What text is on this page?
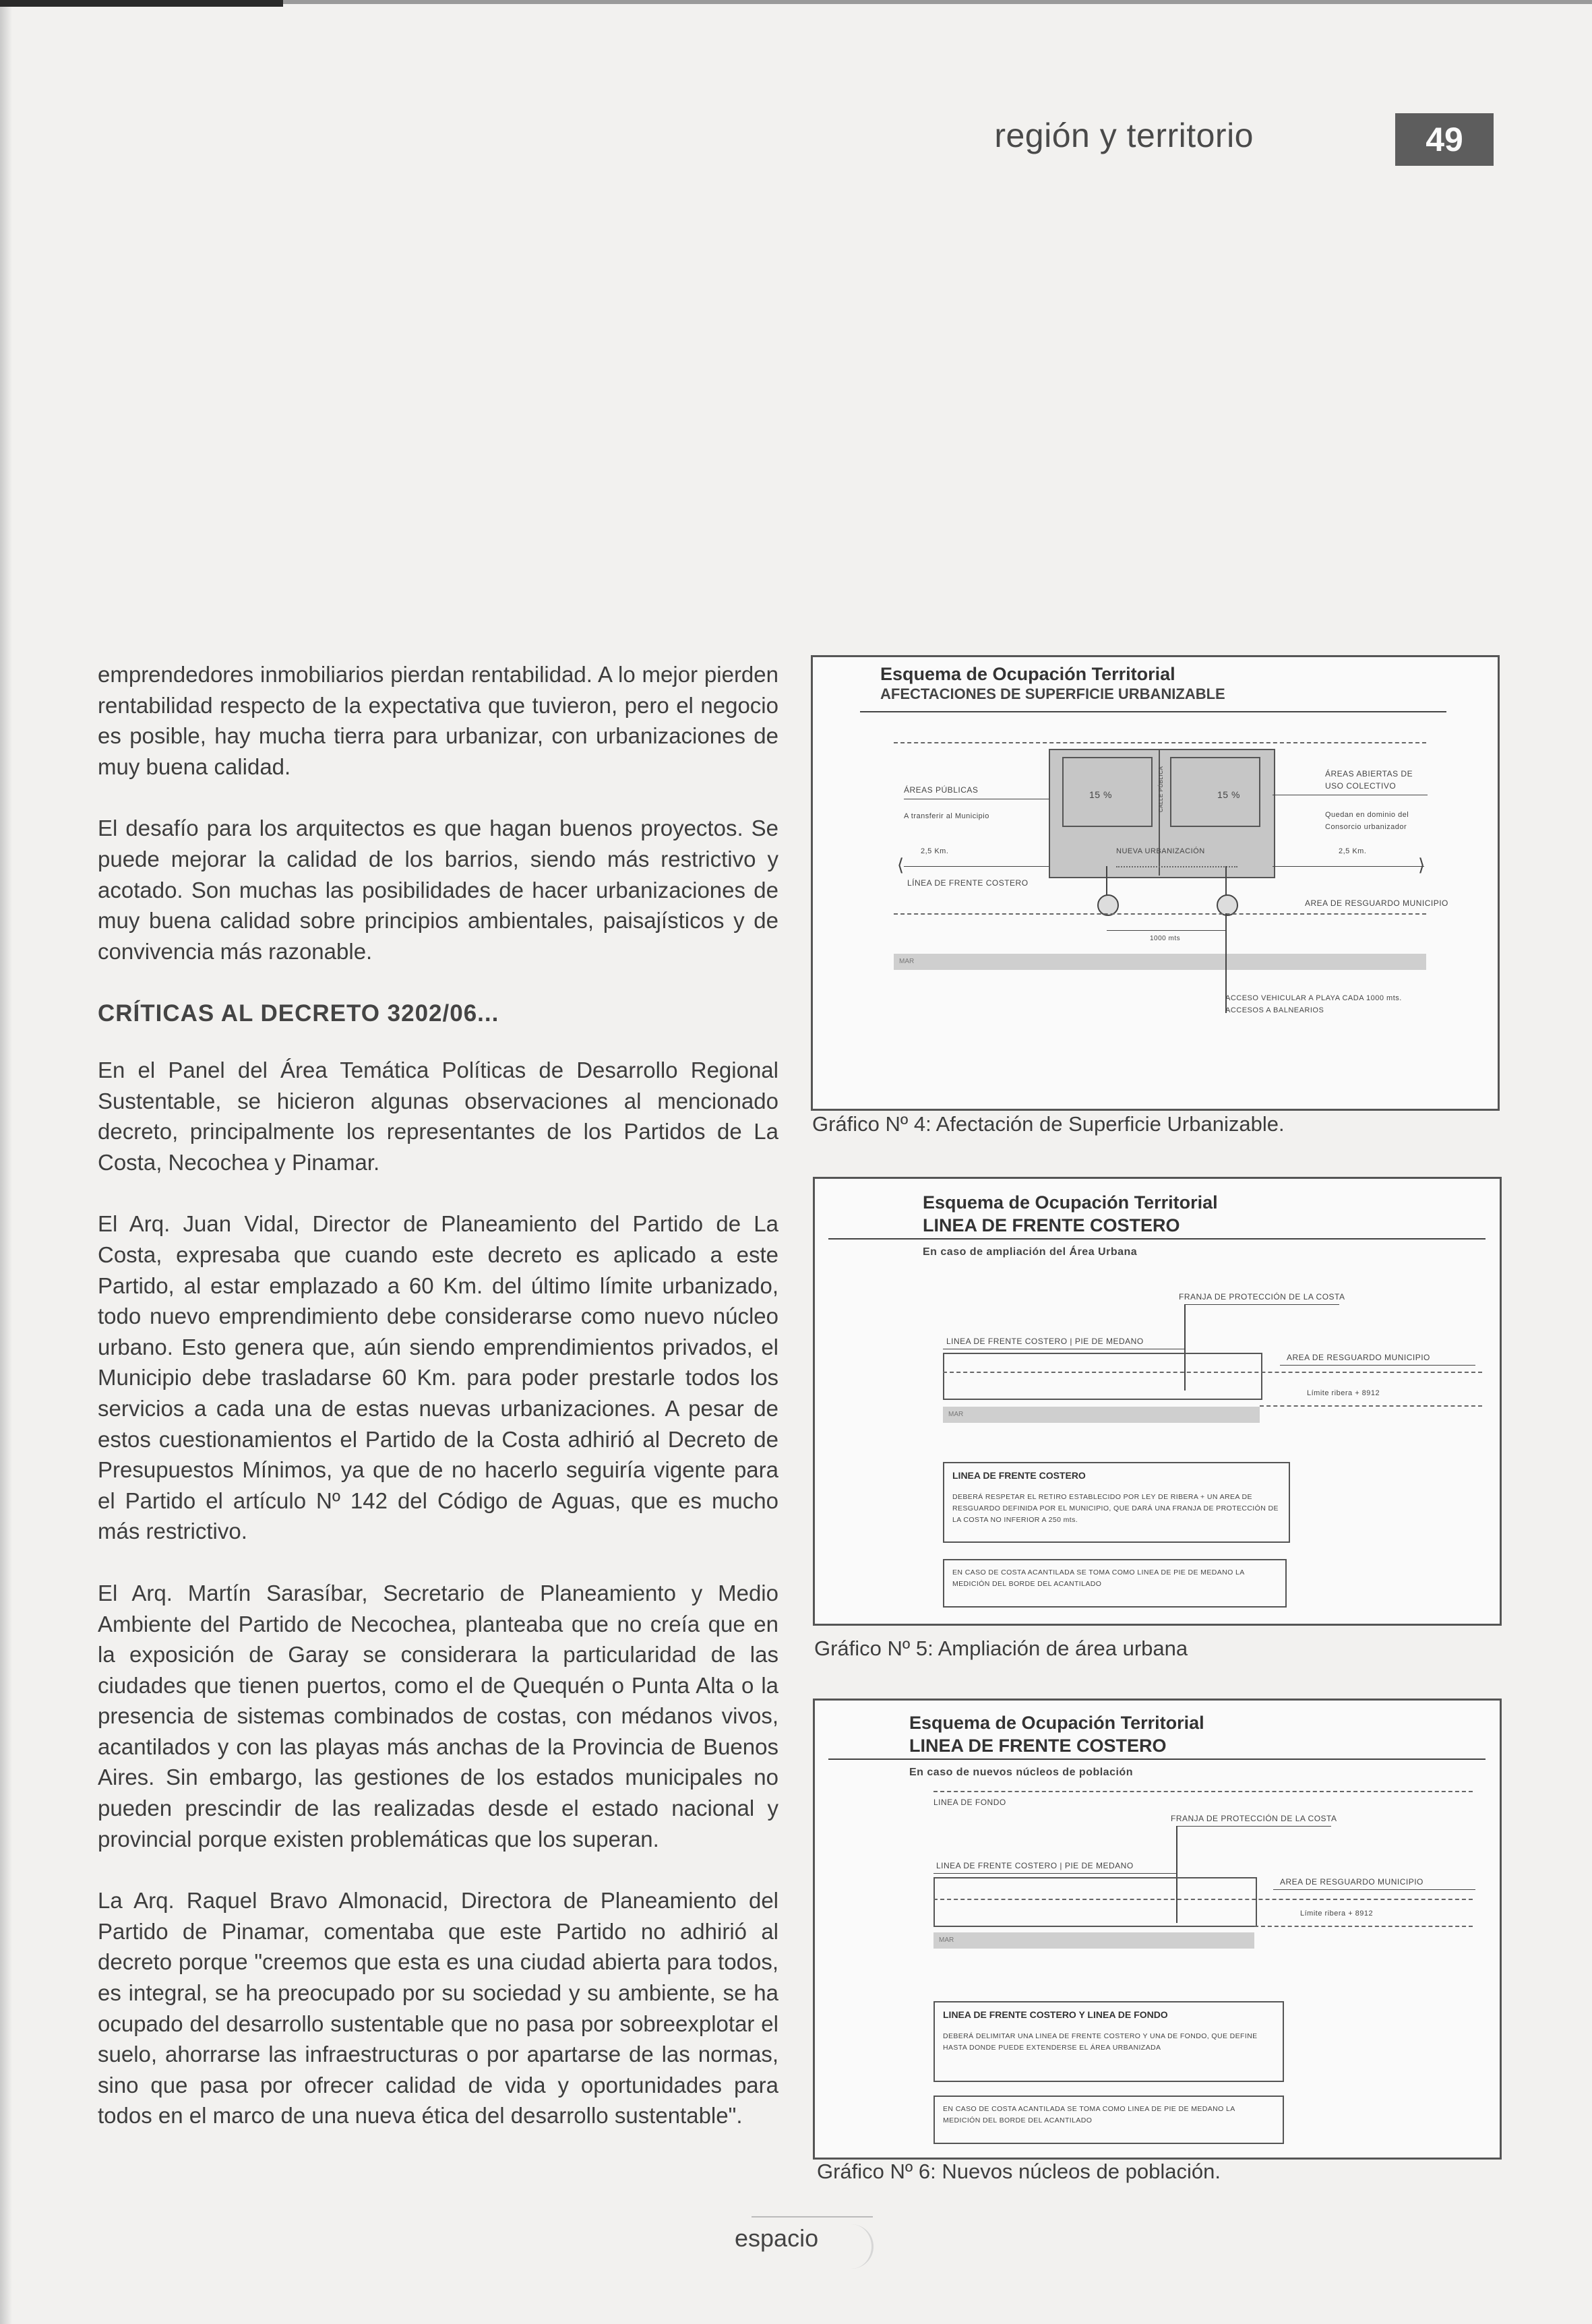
región y territorio	49

emprendedores inmobiliarios pierdan rentabilidad. A lo mejor pierden rentabilidad respecto de la expectativa que tuvieron, pero el negocio es posible, hay mucha tierra para urbanizar, con urbanizaciones de muy buena calidad.

El desafío para los arquitectos es que hagan buenos proyectos. Se puede mejorar la calidad de los barrios, siendo más restrictivo y acotado. Son muchas las posibilidades de hacer urbanizaciones de muy buena calidad sobre principios ambientales, paisajísticos y de convivencia más razonable.

CRÍTICAS AL DECRETO 3202/06...

En el Panel del Área Temática Políticas de Desarrollo Regional Sustentable, se hicieron algunas observaciones al mencionado decreto, principalmente los representantes de los Partidos de La Costa, Necochea y Pinamar.

El Arq. Juan Vidal, Director de Planeamiento del Partido de La Costa, expresaba que cuando este decreto es aplicado a este Partido, al estar emplazado a 60 Km. del último límite urbanizado, todo nuevo emprendimiento debe considerarse como nuevo núcleo urbano. Esto genera que, aún siendo emprendimientos privados, el Municipio debe trasladarse 60 Km. para poder prestarle todos los servicios a cada una de estas nuevas urbanizaciones. A pesar de estos cuestionamientos el Partido de la Costa adhirió al Decreto de Presupuestos Mínimos, ya que de no hacerlo seguiría vigente para el Partido el artículo Nº 142 del Código de Aguas, que es mucho más restrictivo.

El Arq. Martín Sarasíbar, Secretario de Planeamiento y Medio Ambiente del Partido de Necochea, planteaba que no creía que en la exposición de Garay se considerara la particularidad de las ciudades que tienen puertos, como el de Quequén o Punta Alta o la presencia de sistemas combinados de costas, con médanos vivos, acantilados y con las playas más anchas de la Provincia de Buenos Aires. Sin embargo, las gestiones de los estados municipales no pueden prescindir de las realizadas desde el estado nacional y provincial porque existen problemáticas que los superan.

La Arq. Raquel Bravo Almonacid, Directora de Planeamiento del Partido de Pinamar, comentaba que este Partido no adhirió al decreto porque "creemos que esta es una ciudad abierta para todos, es integral, se ha preocupado por su sociedad y su ambiente, se ha ocupado del desarrollo sustentable que no pasa por sobreexplotar el suelo, ahorrarse las infraestructuras o por apartarse de las normas, sino que pasa por ofrecer calidad de vida y oportunidades para todos en el marco de una nueva ética del desarrollo sustentable".

Esquema de Ocupación Territorial
AFECTACIONES DE SUPERFICIE URBANIZABLE
15 %	15 %
CALLE PÚBLICA
NUEVA URBANIZACIÓN
ÁREAS PÚBLICAS
A transferir al Municipio
2,5 Km.
⟨
LÍNEA DE FRENTE COSTERO
ÁREAS ABIERTAS DE
USO COLECTIVO
Quedan en dominio del
Consorcio urbanizador
2,5 Km.
⟩
AREA DE RESGUARDO MUNICIPIO
1000 mts
MAR
ACCESO VEHICULAR A PLAYA CADA 1000 mts.
ACCESOS A BALNEARIOS
Gráfico Nº 4: Afectación de Superficie Urbanizable.
Esquema de Ocupación Territorial
LINEA DE FRENTE COSTERO
En caso de ampliación del Área Urbana
FRANJA DE PROTECCIÓN DE LA COSTA
LINEA DE FRENTE COSTERO | PIE DE MEDANO
AREA DE RESGUARDO MUNICIPIO
Límite ribera + 8912
MAR
LINEA DE FRENTE COSTERO
DEBERÁ RESPETAR EL RETIRO ESTABLECIDO POR LEY DE RIBERA + UN AREA DE RESGUARDO DEFINIDA POR EL MUNICIPIO, QUE DARÁ UNA FRANJA DE PROTECCIÓN DE LA COSTA NO INFERIOR A 250 mts.
EN CASO DE COSTA ACANTILADA SE TOMA COMO LINEA DE PIE DE MEDANO LA MEDICIÓN DEL BORDE DEL ACANTILADO
Gráfico Nº 5: Ampliación de área urbana
Esquema de Ocupación Territorial
LINEA DE FRENTE COSTERO
En caso de nuevos núcleos de población
LINEA DE FONDO
FRANJA DE PROTECCIÓN DE LA COSTA
LINEA DE FRENTE COSTERO | PIE DE MEDANO
AREA DE RESGUARDO MUNICIPIO
Límite ribera + 8912
MAR
LINEA DE FRENTE COSTERO Y LINEA DE FONDO
DEBERÁ DELIMITAR UNA LINEA DE FRENTE COSTERO Y UNA DE FONDO, QUE DEFINE HASTA DONDE PUEDE EXTENDERSE EL ÁREA URBANIZADA
EN CASO DE COSTA ACANTILADA SE TOMA COMO LINEA DE PIE DE MEDANO LA MEDICIÓN DEL BORDE DEL ACANTILADO
Gráfico Nº 6: Nuevos núcleos de población.
espacio
